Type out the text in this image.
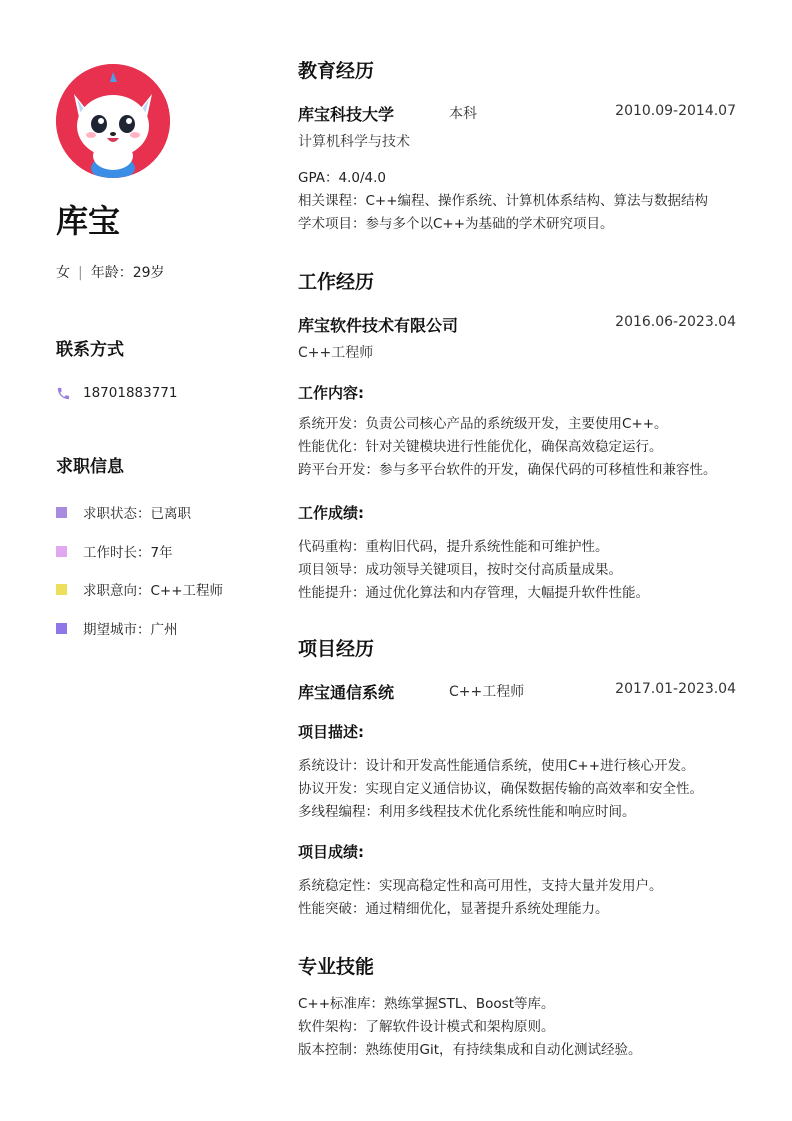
库宝
女 | 年龄：29岁
联系方式
18701883771
求职信息
求职状态：已离职
工作时长：7年
求职意向：C++工程师
期望城市：广州
教育经历
库宝科技大学	本科	2010.09-2014.07
计算机科学与技术
GPA：4.0/4.0
相关课程：C++编程、操作系统、计算机体系结构、算法与数据结构
学术项目：参与多个以C++为基础的学术研究项目。
工作经历
库宝软件技术有限公司	2016.06-2023.04
C++工程师
工作内容:
系统开发：负责公司核心产品的系统级开发，主要使用C++。
性能优化：针对关键模块进行性能优化，确保高效稳定运行。
跨平台开发：参与多平台软件的开发，确保代码的可移植性和兼容性。
工作成绩:
代码重构：重构旧代码，提升系统性能和可维护性。
项目领导：成功领导关键项目，按时交付高质量成果。
性能提升：通过优化算法和内存管理，大幅提升软件性能。
项目经历
库宝通信系统	C++工程师	2017.01-2023.04
项目描述:
系统设计：设计和开发高性能通信系统，使用C++进行核心开发。
协议开发：实现自定义通信协议，确保数据传输的高效率和安全性。
多线程编程：利用多线程技术优化系统性能和响应时间。
项目成绩:
系统稳定性：实现高稳定性和高可用性，支持大量并发用户。
性能突破：通过精细优化，显著提升系统处理能力。
专业技能
C++标准库：熟练掌握STL、Boost等库。
软件架构：了解软件设计模式和架构原则。
版本控制：熟练使用Git，有持续集成和自动化测试经验。
